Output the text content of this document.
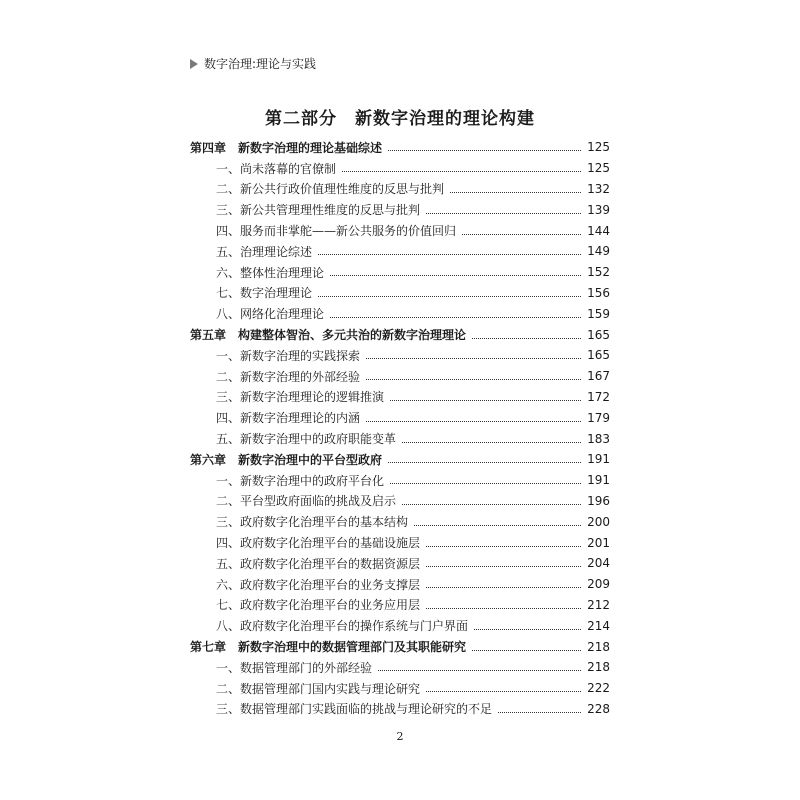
数字治理:理论与实践
第二部分　新数字治理的理论构建
第四章　新数字治理的理论基础综述	125
一、尚未落幕的官僚制	125
二、新公共行政价值理性维度的反思与批判	132
三、新公共管理理性维度的反思与批判	139
四、服务而非掌舵——新公共服务的价值回归	144
五、治理理论综述	149
六、整体性治理理论	152
七、数字治理理论	156
八、网络化治理理论	159
第五章　构建整体智治、多元共治的新数字治理理论	165
一、新数字治理的实践探索	165
二、新数字治理的外部经验	167
三、新数字治理理论的逻辑推演	172
四、新数字治理理论的内涵	179
五、新数字治理中的政府职能变革	183
第六章　新数字治理中的平台型政府	191
一、新数字治理中的政府平台化	191
二、平台型政府面临的挑战及启示	196
三、政府数字化治理平台的基本结构	200
四、政府数字化治理平台的基础设施层	201
五、政府数字化治理平台的数据资源层	204
六、政府数字化治理平台的业务支撑层	209
七、政府数字化治理平台的业务应用层	212
八、政府数字化治理平台的操作系统与门户界面	214
第七章　新数字治理中的数据管理部门及其职能研究	218
一、数据管理部门的外部经验	218
二、数据管理部门国内实践与理论研究	222
三、数据管理部门实践面临的挑战与理论研究的不足	228
2
